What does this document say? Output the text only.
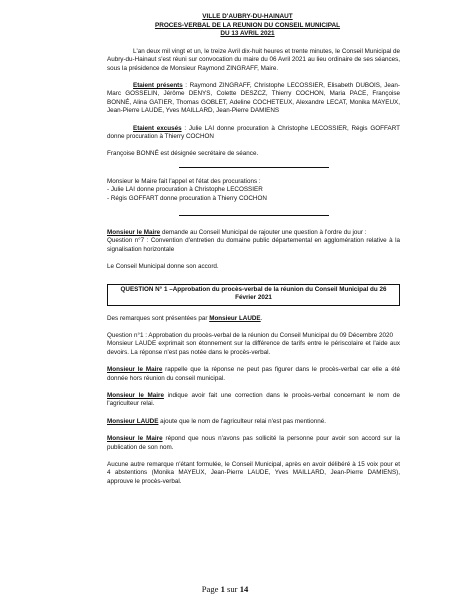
VILLE D'AUBRY-DU-HAINAUT
PROCES-VERBAL DE LA REUNION DU CONSEIL MUNICIPAL
DU 13 AVRIL 2021

L'an deux mil vingt et un, le treize Avril dix-huit heures et trente minutes, le Conseil Municipal de Aubry-du-Hainaut s'est réuni sur convocation du maire du 06 Avril 2021 au lieu ordinaire de ses séances, sous la présidence de Monsieur Raymond ZINGRAFF, Maire.

Etaient présents : Raymond ZINGRAFF, Christophe LECOSSIER, Elisabeth DUBOIS, Jean-Marc GOSSELIN, Jérôme DENYS, Colette DESZCZ, Thierry COCHON, Maria PACE, Françoise BONNÉ, Alina GATIER, Thomas GOBLET, Adeline COCHETEUX, Alexandre LECAT, Monika MAYEUX, Jean-Pierre LAUDE, Yves MAILLARD, Jean-Pierre DAMIENS

Etaient excusés : Julie LAI donne procuration à Christophe LECOSSIER, Régis GOFFART donne procuration à Thierry COCHON

Françoise BONNÉ est désignée secrétaire de séance.

Monsieur le Maire fait l'appel et l'état des procurations :

- Julie LAI donne procuration à Christophe LECOSSIER

- Régis GOFFART donne procuration à Thierry COCHON

Monsieur le Maire demande au Conseil Municipal de rajouter une question à l'ordre du jour :

Question n°7 : Convention d'entretien du domaine public départemental en agglomération relative à la signalisation horizontale

Le Conseil Municipal donne son accord.

QUESTION N° 1 –Approbation du procès-verbal de la réunion du Conseil Municipal du 26 Février 2021

Des remarques sont présentées par Monsieur LAUDE.

Question n°1 : Approbation du procès-verbal de la réunion du Conseil Municipal du 09 Décembre 2020

Monsieur LAUDE exprimait son étonnement sur la différence de tarifs entre le périscolaire et l'aide aux devoirs. La réponse n'est pas notée dans le procès-verbal.

Monsieur le Maire rappelle que la réponse ne peut pas figurer dans le procès-verbal car elle a été donnée hors réunion du conseil municipal.

Monsieur le Maire indique avoir fait une correction dans le procès-verbal concernant le nom de l'agriculteur relai.

Monsieur LAUDE ajoute que le nom de l'agriculteur relai n'est pas mentionné.

Monsieur le Maire répond que nous n'avons pas sollicité la personne pour avoir son accord sur la publication de son nom.

Aucune autre remarque n'étant formulée, le Conseil Municipal, après en avoir délibéré à 15 voix pour et 4 abstentions (Monika MAYEUX, Jean-Pierre LAUDE, Yves MAILLARD, Jean-Pierre DAMIENS), approuve le procès-verbal.

Page 1 sur 14
